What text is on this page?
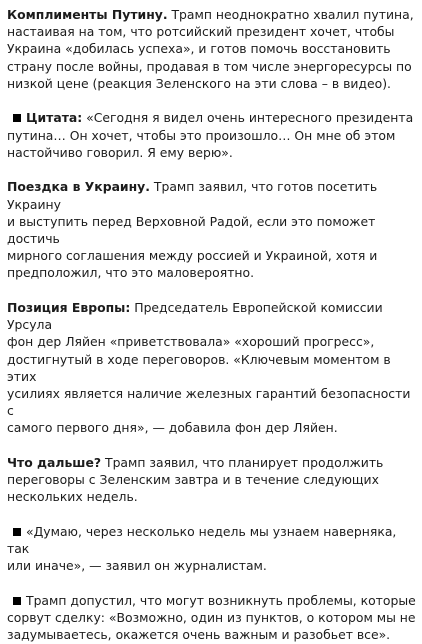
Комплименты Путину. Трамп неоднократно хвалил путина,
настаивая на том, что ротсийский президент хочет, чтобы
Украина «добилась успеха», и готов помочь восстановить
страну после войны, продавая в том числе энергоресурсы по
низкой цене (реакция Зеленского на эти слова – в видео).

Цитата: «Сегодня я видел очень интересного президента
путина… Он хочет, чтобы это произошло… Он мне об этом
настойчиво говорил. Я ему верю».

Поездка в Украину. Трамп заявил, что готов посетить Украину
и выступить перед Верховной Радой, если это поможет достичь
мирного соглашения между россией и Украиной, хотя и
предположил, что это маловероятно.

Позиция Европы: Председатель Европейской комиссии Урсула
фон дер Ляйен «приветствовала» «хороший прогресс»,
достигнутый в ходе переговоров. «Ключевым моментом в этих
усилиях является наличие железных гарантий безопасности с
самого первого дня», — добавила фон дер Ляйен.

Что дальше? Трамп заявил, что планирует продолжить
переговоры с Зеленским завтра и в течение следующих
нескольких недель.

«Думаю, через несколько недель мы узнаем наверняка, так
или иначе», — заявил он журналистам.

Трамп допустил, что могут возникнуть проблемы, которые
сорвут сделку: «Возможно, один из пунктов, о котором мы не
задумываетесь, окажется очень важным и разобьет все».
